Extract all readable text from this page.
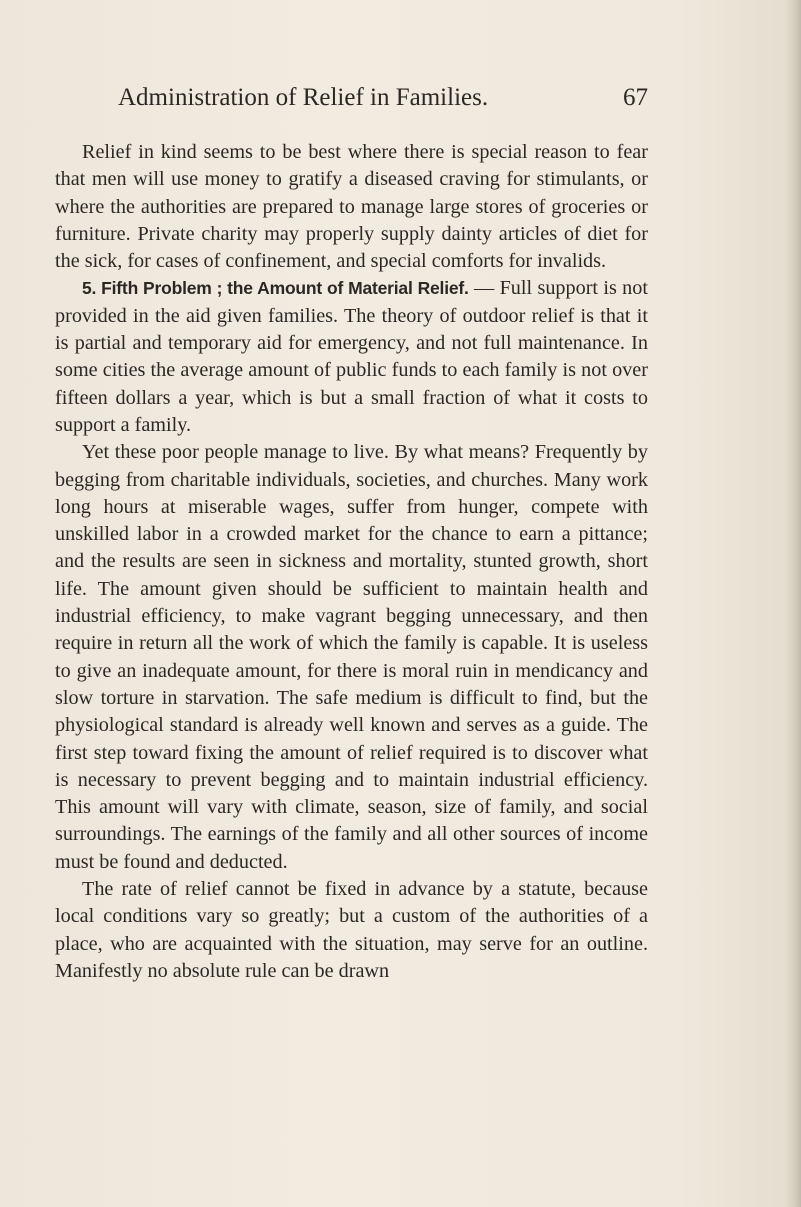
Administration of Relief in Families.	67

Relief in kind seems to be best where there is special reason to fear that men will use money to gratify a diseased craving for stimulants, or where the authorities are prepared to manage large stores of groceries or furniture. Private charity may properly supply dainty articles of diet for the sick, for cases of confinement, and special comforts for invalids.

5. Fifth Problem ; the Amount of Material Relief. — Full support is not provided in the aid given families. The theory of outdoor relief is that it is partial and temporary aid for emergency, and not full maintenance. In some cities the average amount of public funds to each family is not over fifteen dollars a year, which is but a small fraction of what it costs to support a family.

Yet these poor people manage to live. By what means? Frequently by begging from charitable individuals, societies, and churches. Many work long hours at miserable wages, suffer from hunger, compete with unskilled labor in a crowded market for the chance to earn a pittance; and the results are seen in sickness and mortality, stunted growth, short life. The amount given should be sufficient to maintain health and industrial efficiency, to make vagrant begging unnecessary, and then require in return all the work of which the family is capable. It is useless to give an inadequate amount, for there is moral ruin in mendicancy and slow torture in starvation. The safe medium is difficult to find, but the physiological standard is already well known and serves as a guide. The first step toward fixing the amount of relief required is to discover what is necessary to prevent begging and to maintain industrial efficiency. This amount will vary with climate, season, size of family, and social surroundings. The earnings of the family and all other sources of income must be found and deducted.

The rate of relief cannot be fixed in advance by a statute, because local conditions vary so greatly; but a custom of the authorities of a place, who are acquainted with the situation, may serve for an outline. Manifestly no absolute rule can be drawn
